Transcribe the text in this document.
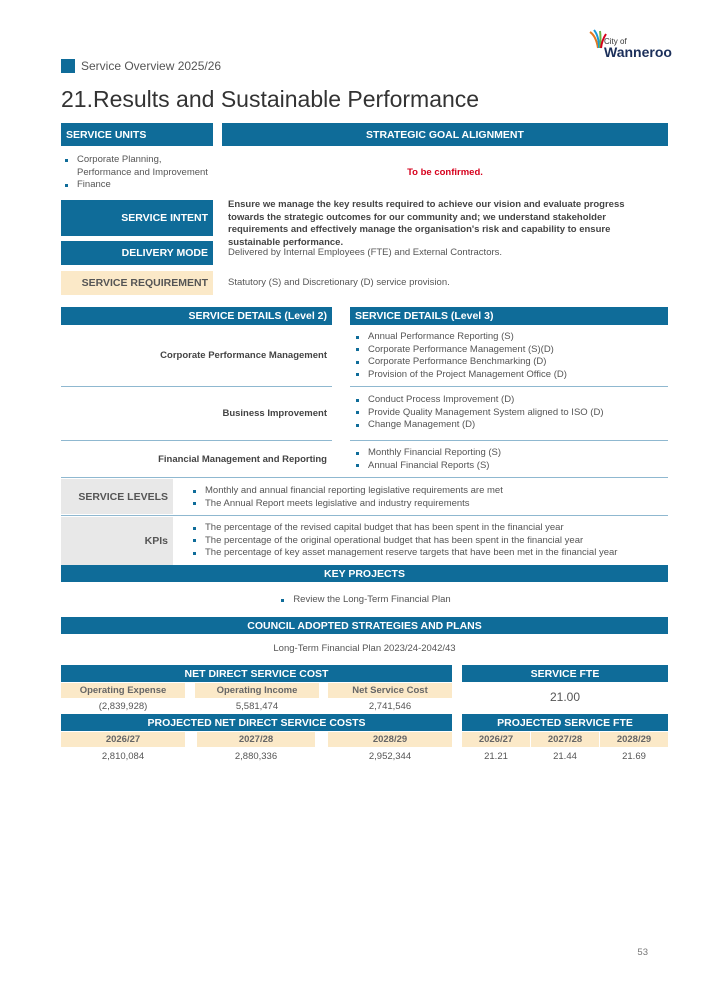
Service Overview 2025/26
City of
Wanneroo
21.Results and Sustainable Performance
SERVICE UNITS	STRATEGIC GOAL ALIGNMENT
Corporate Planning, Performance and Improvement
Finance
To be confirmed.
SERVICE INTENT
Ensure we manage the key results required to achieve our vision and evaluate progress towards the strategic outcomes for our community and; we understand stakeholder requirements and effectively manage the organisation's risk and capability to ensure sustainable performance.
DELIVERY MODE	Delivered by Internal Employees (FTE) and External Contractors.
SERVICE REQUIREMENT	Statutory (S) and Discretionary (D) service provision.
SERVICE DETAILS (Level 2)	SERVICE DETAILS (Level 3)
Corporate Performance Management
Annual Performance Reporting (S)
Corporate Performance Management (S)(D)
Corporate Performance Benchmarking (D)
Provision of the Project Management Office (D)
Business Improvement
Conduct Process Improvement (D)
Provide Quality Management System aligned to ISO (D)
Change Management (D)
Financial Management and Reporting
Monthly Financial Reporting (S)
Annual Financial Reports (S)
SERVICE LEVELS	Monthly and annual financial reporting legislative requirements are met
The Annual Report meets legislative and industry requirements
KPIs
The percentage of the revised capital budget that has been spent in the financial year
The percentage of the original operational budget that has been spent in the financial year
The percentage of key asset management reserve targets that have been met in the financial year
KEY PROJECTS
Review the Long-Term Financial Plan
COUNCIL ADOPTED STRATEGIES AND PLANS
Long-Term Financial Plan 2023/24-2042/43
NET DIRECT SERVICE COST
Operating Expense	Operating Income	Net Service Cost
(2,839,928)	5,581,474	2,741,546
SERVICE FTE
21.00
PROJECTED NET DIRECT SERVICE COSTS
2026/27	2027/28	2028/29
2,810,084	2,880,336	2,952,344
PROJECTED SERVICE FTE
2026/27	2027/28	2028/29
21.21	21.44	21.69
53
